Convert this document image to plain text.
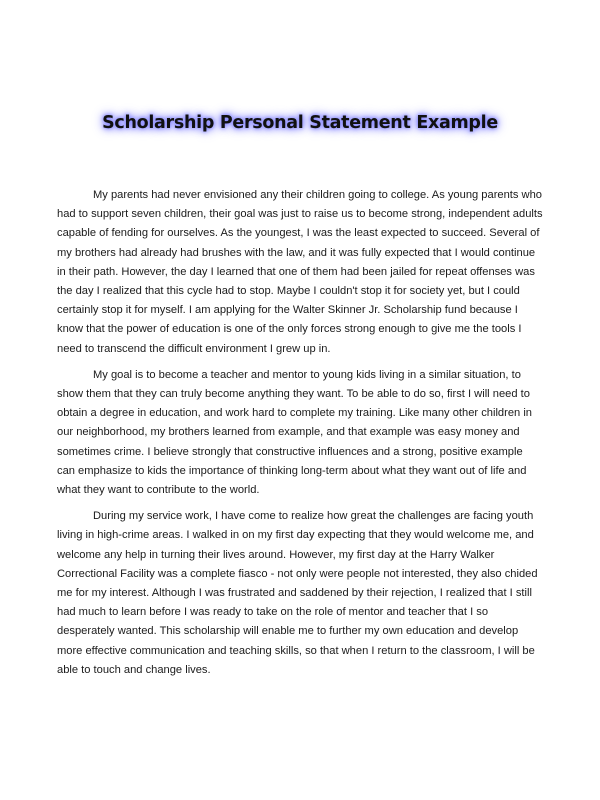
Scholarship Personal Statement Example

My parents had never envisioned any their children going to college. As young parents who had to support seven children, their goal was just to raise us to become strong, independent adults capable of fending for ourselves. As the youngest, I was the least expected to succeed. Several of my brothers had already had brushes with the law, and it was fully expected that I would continue in their path. However, the day I learned that one of them had been jailed for repeat offenses was the day I realized that this cycle had to stop. Maybe I couldn't stop it for society yet, but I could certainly stop it for myself. I am applying for the Walter Skinner Jr. Scholarship fund because I know that the power of education is one of the only forces strong enough to give me the tools I need to transcend the difficult environment I grew up in.

My goal is to become a teacher and mentor to young kids living in a similar situation, to show them that they can truly become anything they want. To be able to do so, first I will need to obtain a degree in education, and work hard to complete my training. Like many other children in our neighborhood, my brothers learned from example, and that example was easy money and sometimes crime. I believe strongly that constructive influences and a strong, positive example can emphasize to kids the importance of thinking long-term about what they want out of life and what they want to contribute to the world.

During my service work, I have come to realize how great the challenges are facing youth living in high-crime areas. I walked in on my first day expecting that they would welcome me, and welcome any help in turning their lives around. However, my first day at the Harry Walker Correctional Facility was a complete fiasco - not only were people not interested, they also chided me for my interest. Although I was frustrated and saddened by their rejection, I realized that I still had much to learn before I was ready to take on the role of mentor and teacher that I so desperately wanted. This scholarship will enable me to further my own education and develop more effective communication and teaching skills, so that when I return to the classroom, I will be able to touch and change lives.
